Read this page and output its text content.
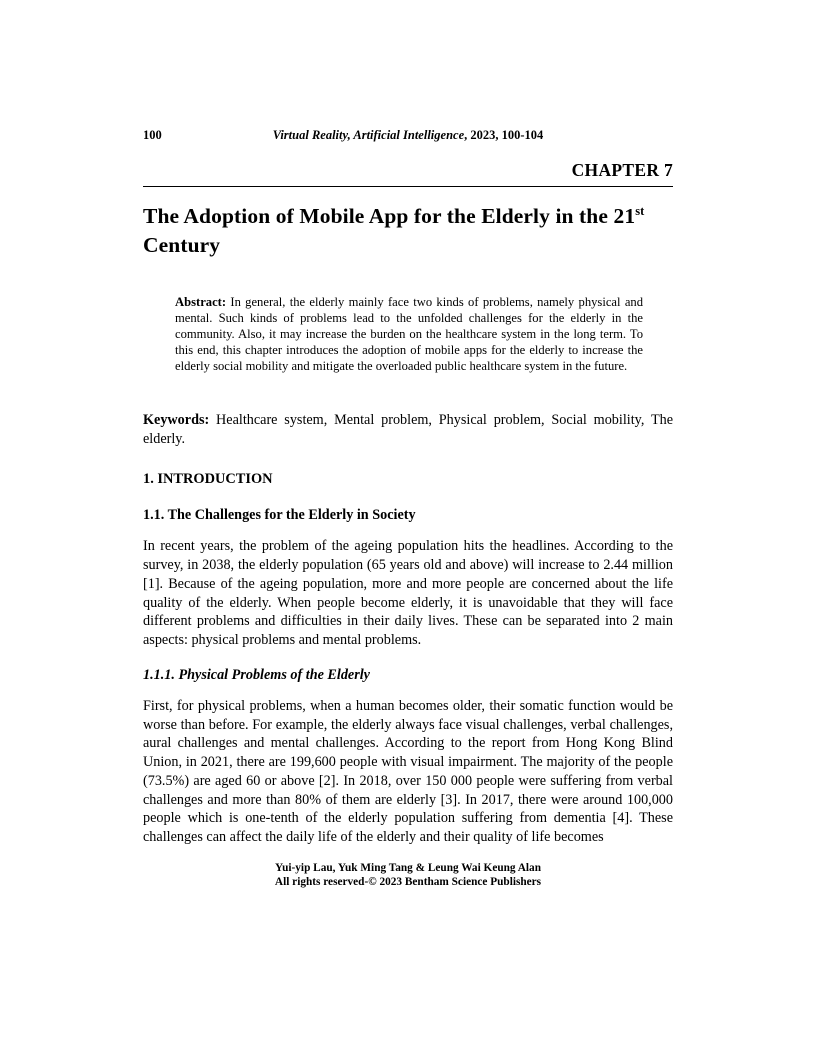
100	Virtual Reality, Artificial Intelligence, 2023, 100-104
CHAPTER 7
The Adoption of Mobile App for the Elderly in the 21st Century

Abstract: In general, the elderly mainly face two kinds of problems, namely physical and mental. Such kinds of problems lead to the unfolded challenges for the elderly in the community. Also, it may increase the burden on the healthcare system in the long term. To this end, this chapter introduces the adoption of mobile apps for the elderly to increase the elderly social mobility and mitigate the overloaded public healthcare system in the future.

Keywords: Healthcare system, Mental problem, Physical problem, Social mobility, The elderly.

1. INTRODUCTION
1.1. The Challenges for the Elderly in Society

In recent years, the problem of the ageing population hits the headlines. According to the survey, in 2038, the elderly population (65 years old and above) will increase to 2.44 million [1]. Because of the ageing population, more and more people are concerned about the life quality of the elderly. When people become elderly, it is unavoidable that they will face different problems and difficulties in their daily lives. These can be separated into 2 main aspects: physical problems and mental problems.

1.1.1. Physical Problems of the Elderly

First, for physical problems, when a human becomes older, their somatic function would be worse than before. For example, the elderly always face visual challenges, verbal challenges, aural challenges and mental challenges. According to the report from Hong Kong Blind Union, in 2021, there are 199,600 people with visual impairment. The majority of the people (73.5%) are aged 60 or above [2]. In 2018, over 150 000 people were suffering from verbal challenges and more than 80% of them are elderly [3]. In 2017, there were around 100,000 people which is one-tenth of the elderly population suffering from dementia [4]. These challenges can affect the daily life of the elderly and their quality of life becomes

Yui-yip Lau, Yuk Ming Tang & Leung Wai Keung Alan
All rights reserved-© 2023 Bentham Science Publishers
